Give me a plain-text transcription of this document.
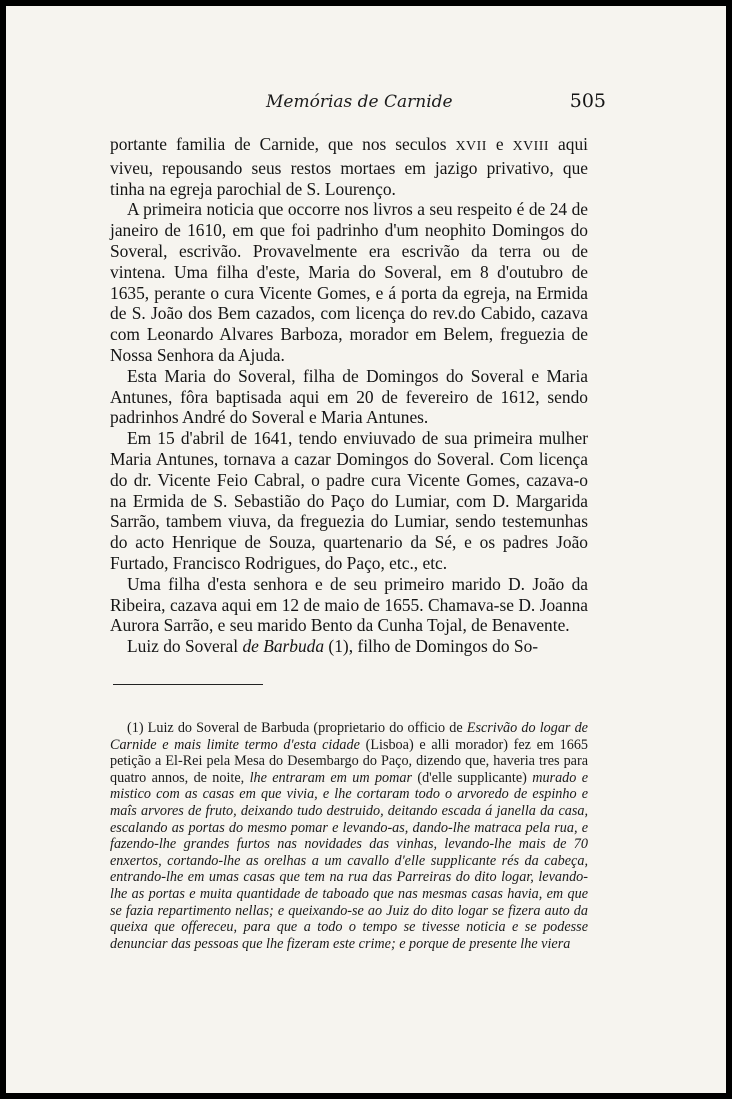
Memórias de Carnide	505

portante familia de Carnide, que nos seculos XVII e XVIII aqui viveu, repousando seus restos mortaes em jazigo privativo, que tinha na egreja parochial de S. Lourenço.

A primeira noticia que occorre nos livros a seu respeito é de 24 de janeiro de 1610, em que foi padrinho d'um neophito Domingos do Soveral, escrivão. Provavelmente era escrivão da terra ou de vintena. Uma filha d'este, Maria do Soveral, em 8 d'outubro de 1635, perante o cura Vicente Gomes, e á porta da egreja, na Ermida de S. João dos Bem cazados, com licença do rev.do Cabido, cazava com Leonardo Alvares Barboza, morador em Belem, freguezia de Nossa Senhora da Ajuda.

Esta Maria do Soveral, filha de Domingos do Soveral e Maria Antunes, fôra baptisada aqui em 20 de fevereiro de 1612, sendo padrinhos André do Soveral e Maria Antunes.

Em 15 d'abril de 1641, tendo enviuvado de sua primeira mulher Maria Antunes, tornava a cazar Domingos do Soveral. Com licença do dr. Vicente Feio Cabral, o padre cura Vicente Gomes, cazava-o na Ermida de S. Sebastião do Paço do Lumiar, com D. Margarida Sarrão, tambem viuva, da freguezia do Lumiar, sendo testemunhas do acto Henrique de Souza, quartenario da Sé, e os padres João Furtado, Francisco Rodrigues, do Paço, etc., etc.

Uma filha d'esta senhora e de seu primeiro marido D. João da Ribeira, cazava aqui em 12 de maio de 1655. Chamava-se D. Joanna Aurora Sarrão, e seu marido Bento da Cunha Tojal, de Benavente.

Luiz do Soveral de Barbuda (1), filho de Domingos do So-

(1) Luiz do Soveral de Barbuda (proprietario do officio de Escrivão do logar de Carnide e mais limite termo d'esta cidade (Lisboa) e alli morador) fez em 1665 petição a El-Rei pela Mesa do Desembargo do Paço, dizendo que, haveria tres para quatro annos, de noite, lhe entraram em um pomar (d'elle supplicante) murado e mistico com as casas em que vivia, e lhe cortaram todo o arvoredo de espinho e maîs arvores de fruto, deixando tudo destruido, deitando escada á janella da casa, escalando as portas do mesmo pomar e levando-as, dando-lhe matraca pela rua, e fazendo-lhe grandes furtos nas novidades das vinhas, levando-lhe mais de 70 enxertos, cortando-lhe as orelhas a um cavallo d'elle supplicante rés da cabeça, entrando-lhe em umas casas que tem na rua das Parreiras do dito logar, levando-lhe as portas e muita quantidade de taboado que nas mesmas casas havia, em que se fazia repartimento nellas; e queixando-se ao Juiz do dito logar se fizera auto da queixa que offereceu, para que a todo o tempo se tivesse noticia e se podesse denunciar das pessoas que lhe fizeram este crime; e porque de presente lhe viera
